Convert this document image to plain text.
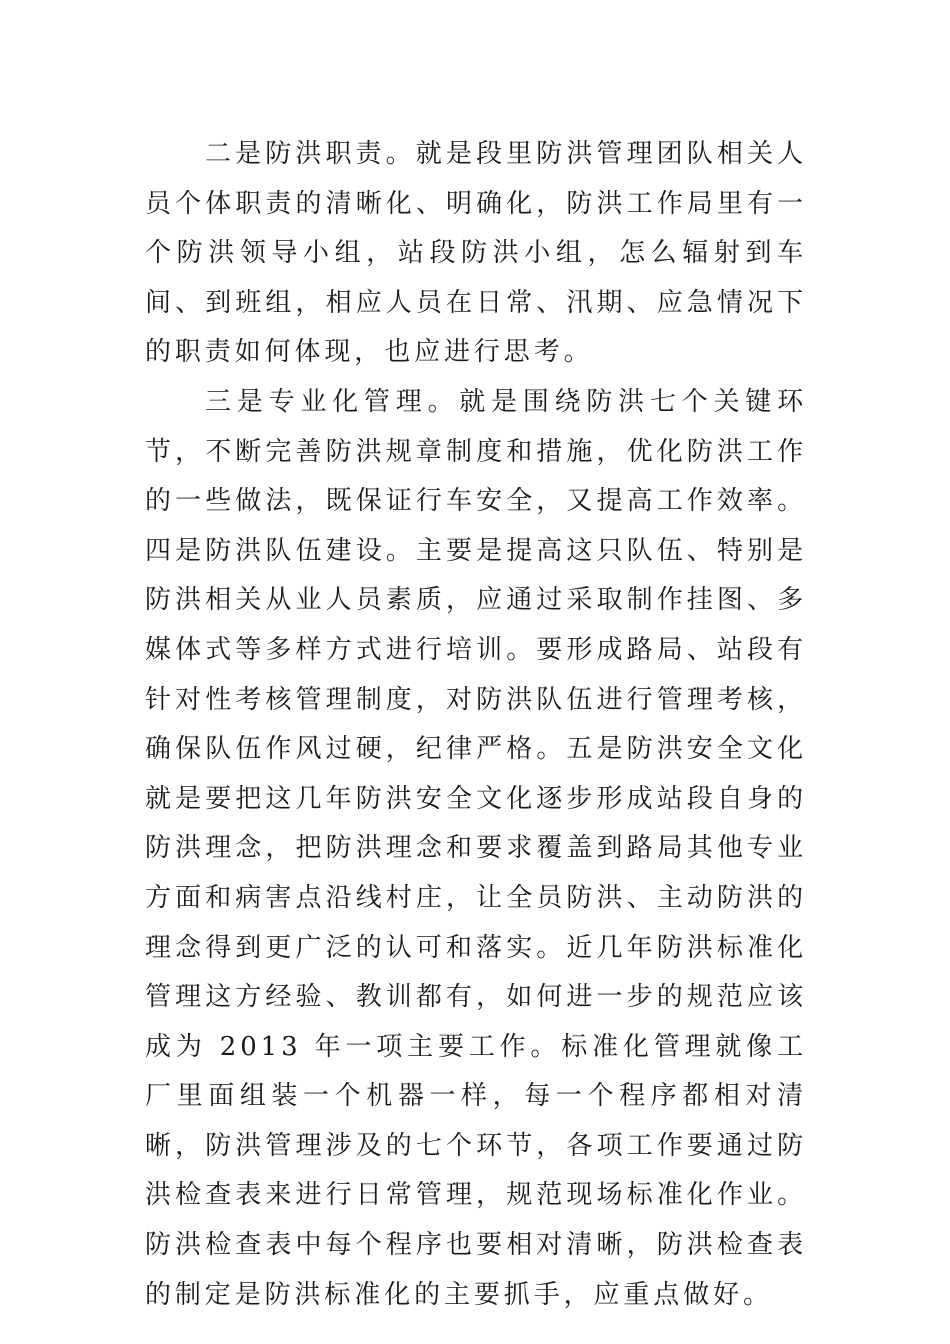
二是防洪职责。就是段里防洪管理团队相关人员个体职责的清晰化、明确化，防洪工作局里有一个防洪领导小组，站段防洪小组，怎么辐射到车间、到班组，相应人员在日常、汛期、应急情况下的职责如何体现，也应进行思考。

三是专业化管理。就是围绕防洪七个关键环节，不断完善防洪规章制度和措施，优化防洪工作的一些做法，既保证行车安全，又提高工作效率。四是防洪队伍建设。主要是提高这只队伍、特别是防洪相关从业人员素质，应通过采取制作挂图、多媒体式等多样方式进行培训。要形成路局、站段有针对性考核管理制度，对防洪队伍进行管理考核，确保队伍作风过硬，纪律严格。五是防洪安全文化就是要把这几年防洪安全文化逐步形成站段自身的防洪理念，把防洪理念和要求覆盖到路局其他专业方面和病害点沿线村庄，让全员防洪、主动防洪的理念得到更广泛的认可和落实。近几年防洪标准化管理这方经验、教训都有，如何进一步的规范应该成为 2013 年一项主要工作。标准化管理就像工厂里面组装一个机器一样，每一个程序都相对清晰，防洪管理涉及的七个环节，各项工作要通过防洪检查表来进行日常管理，规范现场标准化作业。防洪检查表中每个程序也要相对清晰，防洪检查表的制定是防洪标准化的主要抓手，应重点做好。
